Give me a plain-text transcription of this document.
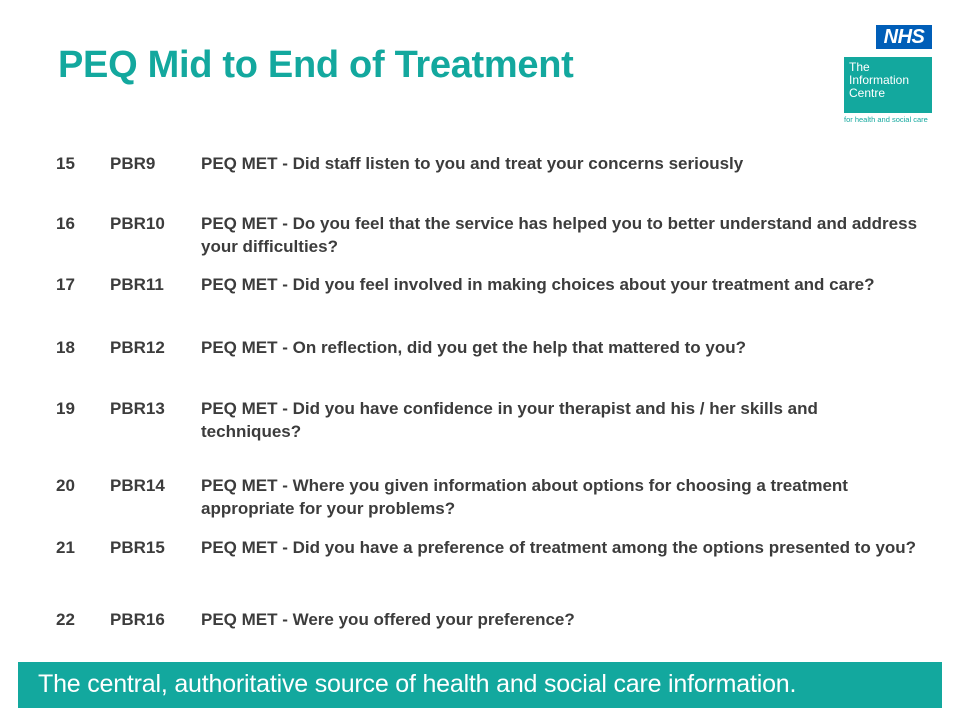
PEQ Mid to End of Treatment
NHS
The
Information
Centre
for health and social care
15 PBR9	PEQ MET - Did staff listen to you and treat your concerns seriously
16 PBR10 PEQ MET - Do you feel that the service has helped you to better understand and address your difficulties?
17 PBR11 PEQ MET - Did you feel involved in making choices about your treatment and care?
18 PBR12 PEQ MET - On reflection, did you get the help that mattered to you?
19 PBR13 PEQ MET - Did you have confidence in your therapist and his / her skills and techniques?
20 PBR14 PEQ MET - Where you given information about options for choosing a treatment appropriate for your problems?
21 PBR15 PEQ MET - Did you have a preference of treatment among the options presented to you?
22 PBR16 PEQ MET - Were you offered your preference?
The central, authoritative source of health and social care information.
